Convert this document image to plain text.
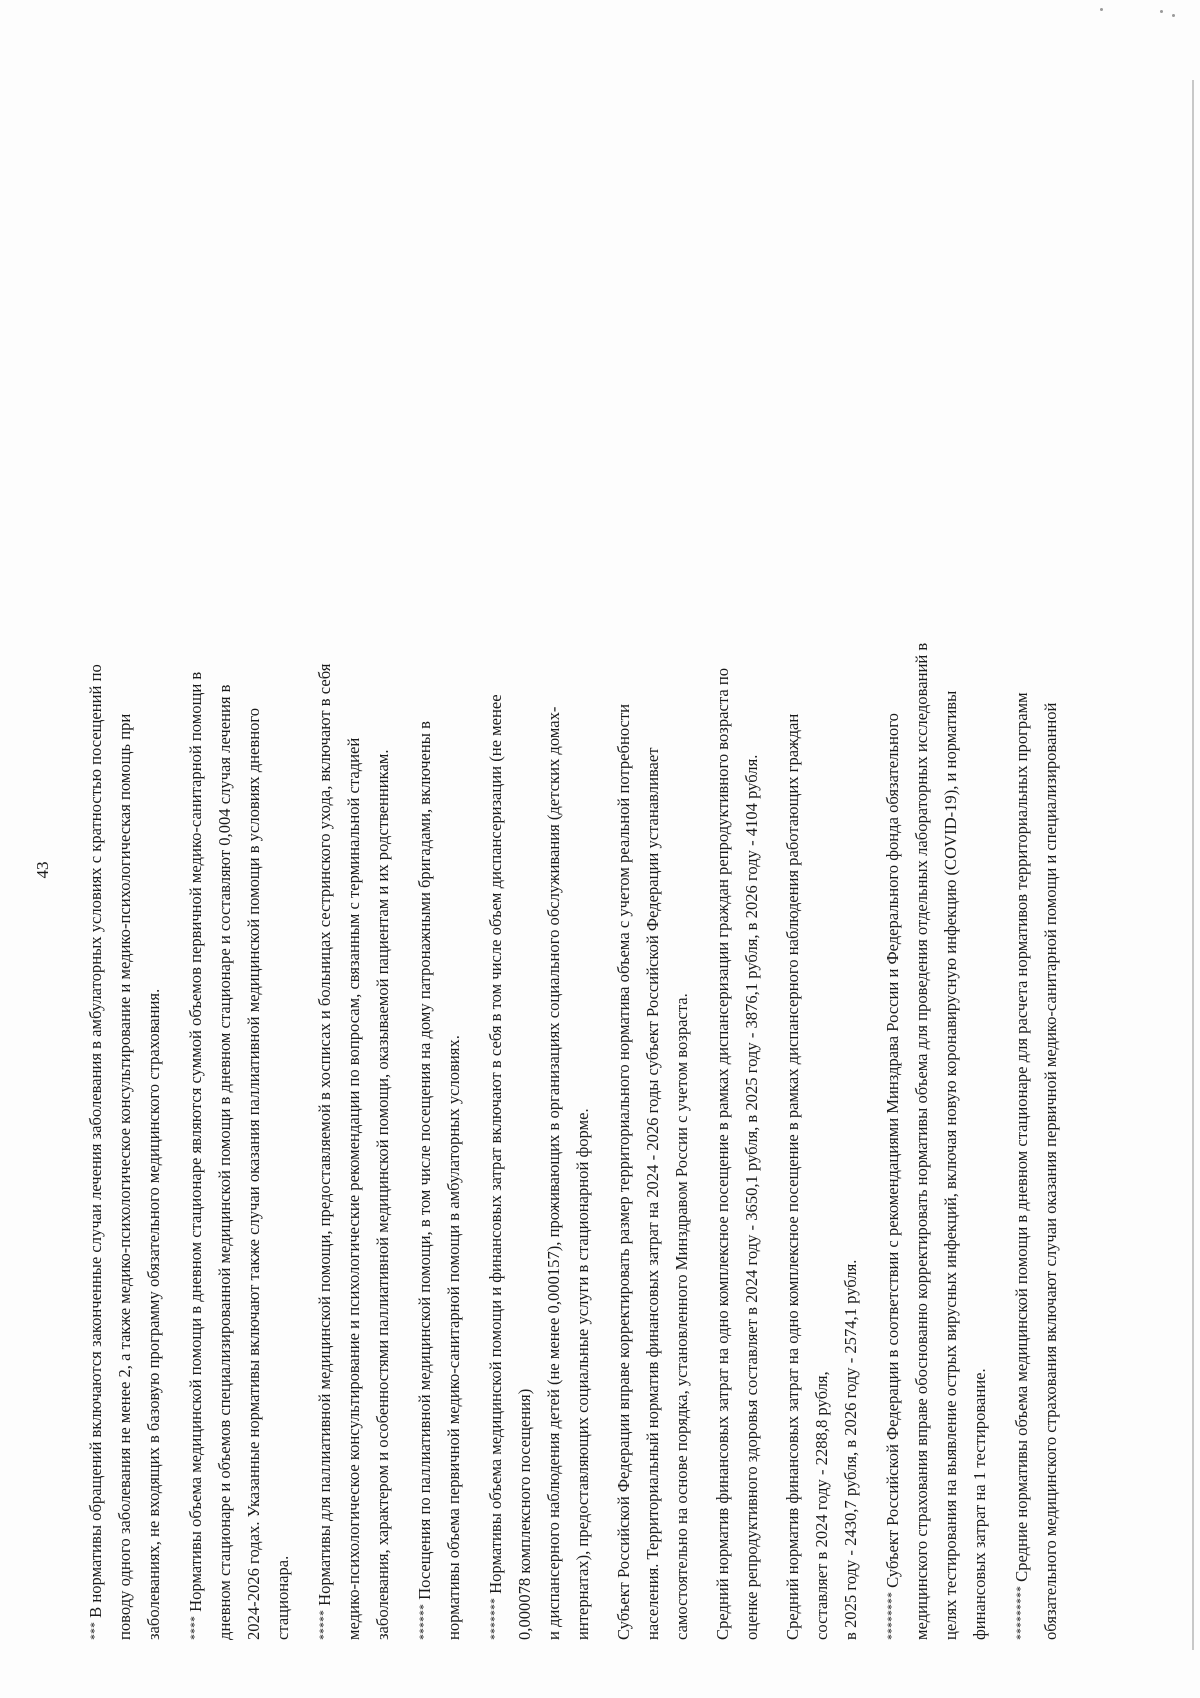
43
*** В нормативы обращений включаются законченные случаи лечения заболевания в амбулаторных условиях с кратностью посещений по поводу одного заболевания не менее 2, а также медико-психологическое консультирование и медико-психологическая помощь при заболеваниях, не входящих в базовую программу обязательного медицинского страхования.	**** Нормативы объема медицинской помощи в дневном стационаре являются суммой объемов первичной медико-санитарной помощи в дневном стационаре и объемов специализированной медицинской помощи в дневном стационаре и составляют 0,004 случая лечения в 2024-2026 годах. Указанные нормативы включают также случаи оказания паллиативной медицинской помощи в условиях дневного стационара.	***** Нормативы для паллиативной медицинской помощи, предоставляемой в хосписах и больницах сестринского ухода, включают в себя медико-психологическое консультирование и психологические рекомендации по вопросам, связанным с терминальной стадией заболевания, характером и особенностями паллиативной медицинской помощи, оказываемой пациентам и их родственникам.	****** Посещения по паллиативной медицинской помощи, в том числе посещения на дому патронажными бригадами, включены в нормативы объема первичной медико-санитарной помощи в амбулаторных условиях.	******* Нормативы объема медицинской помощи и финансовых затрат включают в себя в том числе объем диспансеризации (не менее 0,000078 комплексного посещения) и диспансерного наблюдения детей (не менее 0,000157), проживающих в организациях социального обслуживания (детских домах- интернатах), предоставляющих социальные услуги в стационарной форме.	Субъект Российской Федерации вправе корректировать размер территориального норматива объема с учетом реальной потребности населения. Территориальный норматив финансовых затрат на 2024 - 2026 годы субъект Российской Федерации устанавливает самостоятельно на основе порядка, установленного Минздравом России с учетом возраста.	Средний норматив финансовых затрат на одно комплексное посещение в рамках диспансеризации граждан репродуктивного возраста по оценке репродуктивного здоровья составляет в 2024 году - 3650,1 рубля, в 2025 году - 3876,1 рубля, в 2026 году - 4104 рубля.	Средний норматив финансовых затрат на одно комплексное посещение в рамках диспансерного наблюдения работающих граждан составляет в 2024 году - 2288,8 рубля, в 2025 году - 2430,7 рубля, в 2026 году - 2574,1 рубля.	******** Субъект Российской Федерации в соответствии с рекомендациями Минздрава России и Федерального фонда обязательного медицинского страхования вправе обоснованно корректировать нормативы объема для проведения отдельных лабораторных исследований в целях тестирования на выявление острых вирусных инфекций, включая новую коронавирусную инфекцию (COVID-19), и нормативы финансовых затрат на 1 тестирование.	********* Средние нормативы объема медицинской помощи в дневном стационаре для расчета нормативов территориальных программ обязательного медицинского страхования включают случаи оказания первичной медико-санитарной помощи и специализированной
